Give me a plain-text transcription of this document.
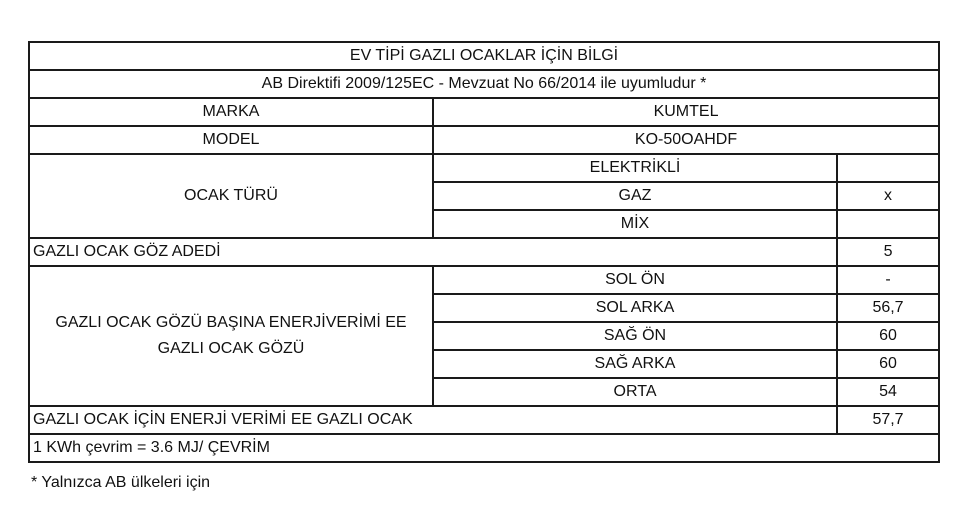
EV TİPİ GAZLI OCAKLAR İÇİN BİLGİ		
AB Direktifi 2009/125EC - Mevzuat No 66/2014 ile uyumludur *		
MARKA	KUMTEL	
MODEL	KO-50OAHDF	
OCAK TÜRÜ	ELEKTRİKLİ	
	GAZ	x
	MİX	
GAZLI OCAK GÖZ ADEDİ		5

GAZLI OCAK GÖZÜ BAŞINA ENERJİVERİMİ EE
GAZLI OCAK GÖZÜ	SOL ÖN	-
	SOL ARKA	56,7
	SAĞ ÖN	60
	SAĞ ARKA	60
	ORTA	54
GAZLI OCAK İÇİN ENERJİ VERİMİ EE GAZLI OCAK		57,7
1 KWh çevrim = 3.6 MJ/ ÇEVRİM		
* Yalnızca AB ülkeleri için
